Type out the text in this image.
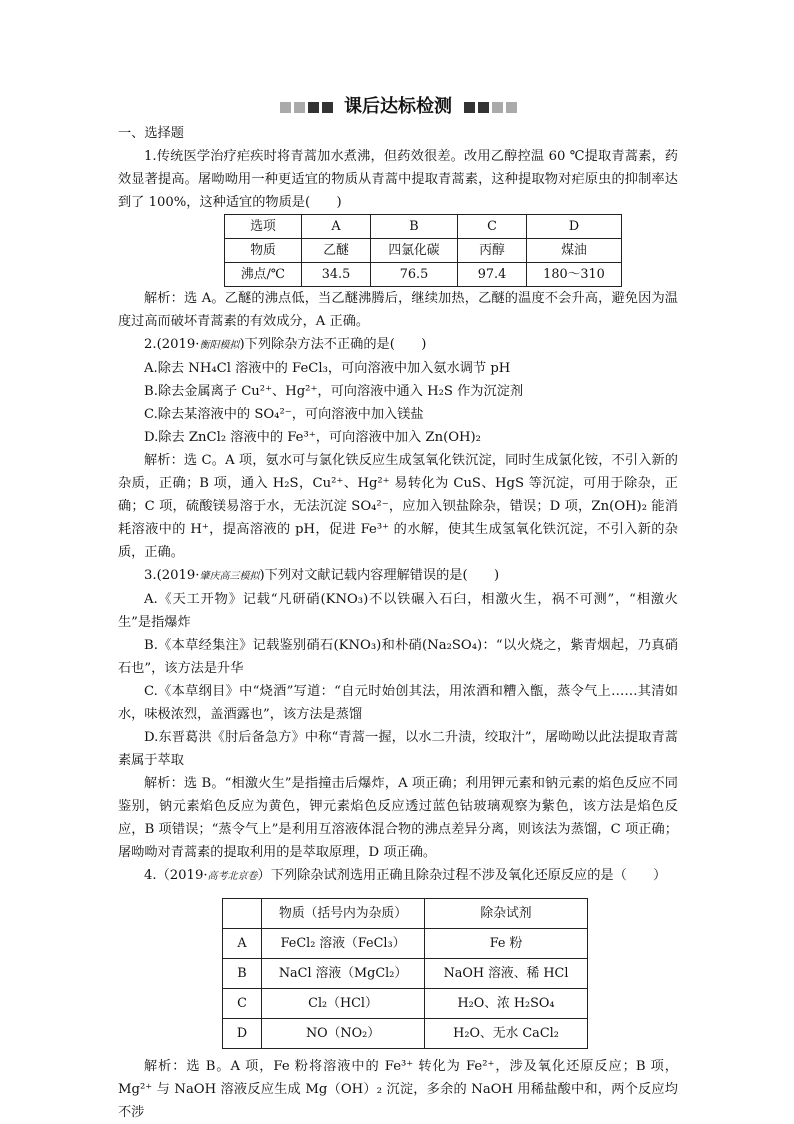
课后达标检测

一、选择题

1.传统医学治疗疟疾时将青蒿加水煮沸，但药效很差。改用乙醇控温 60 ℃提取青蒿素，药效显著提高。屠呦呦用一种更适宜的物质从青蒿中提取青蒿素，这种提取物对疟原虫的抑制率达到了 100%，这种适宜的物质是(　　)

选项	A	B	C	D
物质	乙醚	四氯化碳	丙醇	煤油
沸点/℃	34.5	76.5	97.4	180～310

解析：选 A。乙醚的沸点低，当乙醚沸腾后，继续加热，乙醚的温度不会升高，避免因为温度过高而破坏青蒿素的有效成分，A 正确。

2.(2019·衡阳模拟)下列除杂方法不正确的是(　　)

A.除去 NH₄Cl 溶液中的 FeCl₃，可向溶液中加入氨水调节 pH

B.除去金属离子 Cu²⁺、Hg²⁺，可向溶液中通入 H₂S 作为沉淀剂

C.除去某溶液中的 SO₄²⁻，可向溶液中加入镁盐

D.除去 ZnCl₂ 溶液中的 Fe³⁺，可向溶液中加入 Zn(OH)₂

解析：选 C。A 项，氨水可与氯化铁反应生成氢氧化铁沉淀，同时生成氯化铵，不引入新的杂质，正确；B 项，通入 H₂S，Cu²⁺、Hg²⁺ 易转化为 CuS、HgS 等沉淀，可用于除杂，正确；C 项，硫酸镁易溶于水，无法沉淀 SO₄²⁻，应加入钡盐除杂，错误；D 项，Zn(OH)₂ 能消耗溶液中的 H⁺，提高溶液的 pH，促进 Fe³⁺ 的水解，使其生成氢氧化铁沉淀，不引入新的杂质，正确。

3.(2019·肇庆高三模拟)下列对文献记载内容理解错误的是(　　)

A.《天工开物》记载“凡研硝(KNO₃)不以铁碾入石臼，相激火生，祸不可测”，“相激火生”是指爆炸

B.《本草经集注》记载鉴别硝石(KNO₃)和朴硝(Na₂SO₄)：“以火烧之，紫青烟起，乃真硝石也”，该方法是升华

C.《本草纲目》中“烧酒”写道：“自元时始创其法，用浓酒和糟入甑，蒸令气上……其清如水，味极浓烈，盖酒露也”，该方法是蒸馏

D.东晋葛洪《肘后备急方》中称“青蒿一握，以水二升渍，绞取汁”，屠呦呦以此法提取青蒿素属于萃取

解析：选 B。“相激火生”是指撞击后爆炸，A 项正确；利用钾元素和钠元素的焰色反应不同鉴别，钠元素焰色反应为黄色，钾元素焰色反应透过蓝色钴玻璃观察为紫色，该方法是焰色反应，B 项错误；“蒸令气上”是利用互溶液体混合物的沸点差异分离，则该法为蒸馏，C 项正确；屠呦呦对青蒿素的提取利用的是萃取原理，D 项正确。

4.（2019·高考北京卷）下列除杂试剂选用正确且除杂过程不涉及氧化还原反应的是（　　）

	物质（括号内为杂质）	除杂试剂
A	FeCl₂ 溶液（FeCl₃）	Fe 粉
B	NaCl 溶液（MgCl₂）	NaOH 溶液、稀 HCl
C	Cl₂（HCl）	H₂O、浓 H₂SO₄
D	NO（NO₂）	H₂O、无水 CaCl₂

解析：选 B。A 项，Fe 粉将溶液中的 Fe³⁺ 转化为 Fe²⁺，涉及氧化还原反应；B 项，Mg²⁺ 与 NaOH 溶液反应生成 Mg（OH）₂ 沉淀，多余的 NaOH 用稀盐酸中和，两个反应均不涉
